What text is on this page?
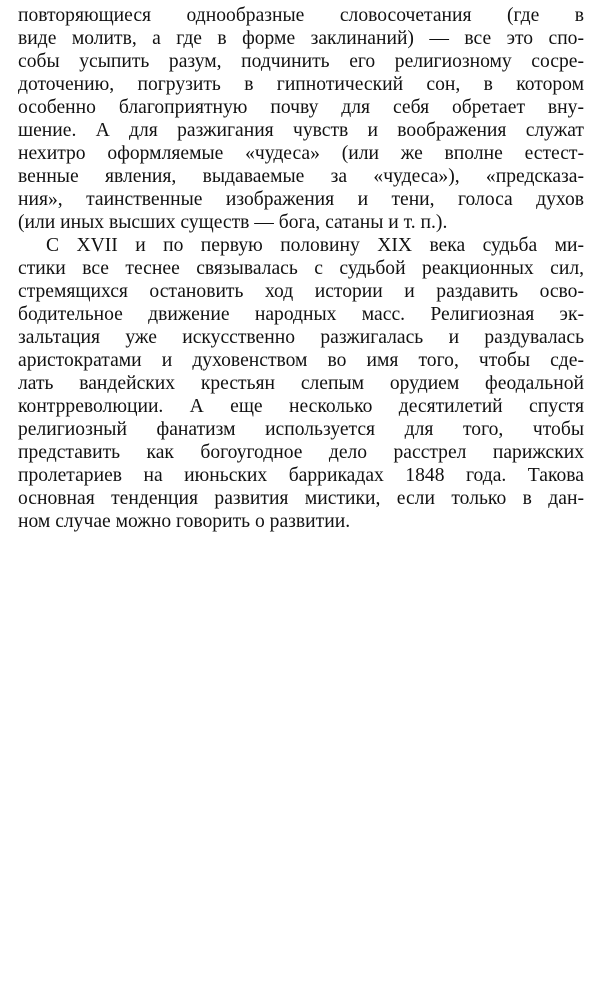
повторяющиеся однообразные словосочетания (где в
виде молитв, а где в форме заклинаний) — все это спо-
собы усыпить разум, подчинить его религиозному сосре-
доточению, погрузить в гипнотический сон, в котором
особенно благоприятную почву для себя обретает вну-
шение. А для разжигания чувств и воображения служат
нехитро оформляемые «чудеса» (или же вполне естест-
венные явления, выдаваемые за «чудеса»), «предсказа-
ния», таинственные изображения и тени, голоса духов
(или иных высших существ — бога, сатаны и т. п.).
С XVII и по первую половину XIX века судьба ми-
стики все теснее связывалась с судьбой реакционных сил,
стремящихся остановить ход истории и раздавить осво-
бодительное движение народных масс. Религиозная эк-
зальтация уже искусственно разжигалась и раздувалась
аристократами и духовенством во имя того, чтобы сде-
лать вандейских крестьян слепым орудием феодальной
контрреволюции. А еще несколько десятилетий спустя
религиозный фанатизм используется для того, чтобы
представить как богоугодное дело расстрел парижских
пролетариев на июньских баррикадах 1848 года. Такова
основная тенденция развития мистики, если только в дан-
ном случае можно говорить о развитии.
